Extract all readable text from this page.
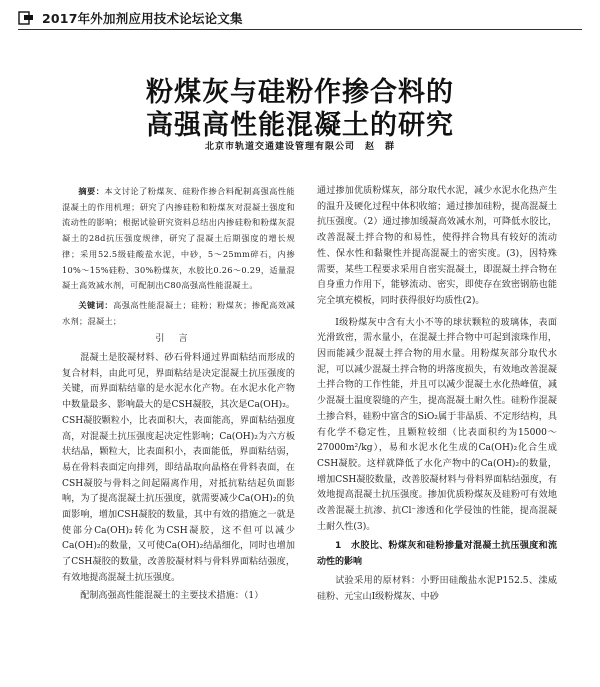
2017年外加剂应用技术论坛论文集
粉煤灰与硅粉作掺合料的
高强高性能混凝土的研究
北京市轨道交通建设管理有限公司　赵　群

摘要：本文讨论了粉煤灰、硅粉作掺合料配制高强高性能混凝土的作用机理；研究了内掺硅粉和粉煤灰对混凝土强度和流动性的影响；根据试验研究资料总结出内掺硅粉和粉煤灰混凝土的28d抗压强度规律，研究了混凝土后期强度的增长规律；采用52.5级硅酸盐水泥，中砂，5～25mm碎石，内掺10%～15%硅粉、30%粉煤灰，水胶比0.26～0.29，适量混凝土高效减水剂，可配制出C80高强高性能混凝土。

关键词：高强高性能混凝土；硅粉；粉煤灰；掺配高效减水剂；混凝土；

引言

混凝土是胶凝材料、砂石骨料通过界面粘结而形成的复合材料，由此可见，界面粘结是决定混凝土抗压强度的关键，而界面粘结靠的是水泥水化产物。在水泥水化产物中数量最多、影响最大的是CSH凝胶，其次是Ca(OH)₂。CSH凝胶颗粒小，比表面积大，表面能高，界面粘结强度高，对混凝土抗压强度起决定性影响；Ca(OH)₂为六方板状结晶，颗粒大，比表面积小，表面能低，界面粘结弱，易在骨料表面定向排列，即结晶取向晶格在骨料表面，在CSH凝胶与骨料之间起隔离作用，对抵抗粘结起负面影响，为了提高混凝土抗压强度，就需要减少Ca(OH)₂的负面影响，增加CSH凝胶的数量，其中有效的措施之一就是使部分Ca(OH)₂转化为CSH凝胶，这不但可以减少Ca(OH)₂的数量，又可使Ca(OH)₂结晶细化，同时也增加了CSH凝胶的数量，改善胶凝材料与骨料界面粘结强度，有效地提高混凝土抗压强度。

配制高强高性能混凝土的主要技术措施：（1）

通过掺加优质粉煤灰，部分取代水泥，减少水泥水化热产生的温升及硬化过程中体积收缩；通过掺加硅粉，提高混凝土抗压强度。（2）通过掺加缓凝高效减水剂，可降低水胶比，改善混凝土拌合物的和易性，使得拌合物具有较好的流动性、保水性和黏聚性并提高混凝土的密实度。(3)，因特殊需要，某些工程要求采用自密实混凝土，即混凝土拌合物在自身重力作用下，能够流动、密实，即使存在致密钢筋也能完全填充模板，同时获得很好均质性(2)。

Ⅰ级粉煤灰中含有大小不等的球状颗粒的玻璃体，表面光滑致密，需水量小，在混凝土拌合物中可起到滚珠作用，因而能减少混凝土拌合物的用水量。用粉煤灰部分取代水泥，可以减少混凝土拌合物的坍落度损失，有效地改善混凝土拌合物的工作性能，并且可以减少混凝土水化热峰值，减少混凝土温度裂缝的产生，提高混凝土耐久性。硅粉作混凝土掺合料，硅粉中富含的SiO₂属于非晶质、不定形结构，具有化学不稳定性，且颗粒较细（比表面积约为15000～27000m²/kg），易和水泥水化生成的Ca(OH)₂化合生成CSH凝胶。这样就降低了水化产物中的Ca(OH)₂的数量，增加CSH凝胶数量，改善胶凝材料与骨料界面粘结强度，有效地提高混凝土抗压强度。掺加优质粉煤灰及硅粉可有效地改善混凝土抗渗、抗Cl⁻渗透和化学侵蚀的性能，提高混凝土耐久性(3)。

1　水胶比、粉煤灰和硅粉掺量对混凝土抗压强度和流动性的影响

试验采用的原材料：小野田硅酸盐水泥P152.5、滦威硅粉、元宝山Ⅰ级粉煤灰、中砂
